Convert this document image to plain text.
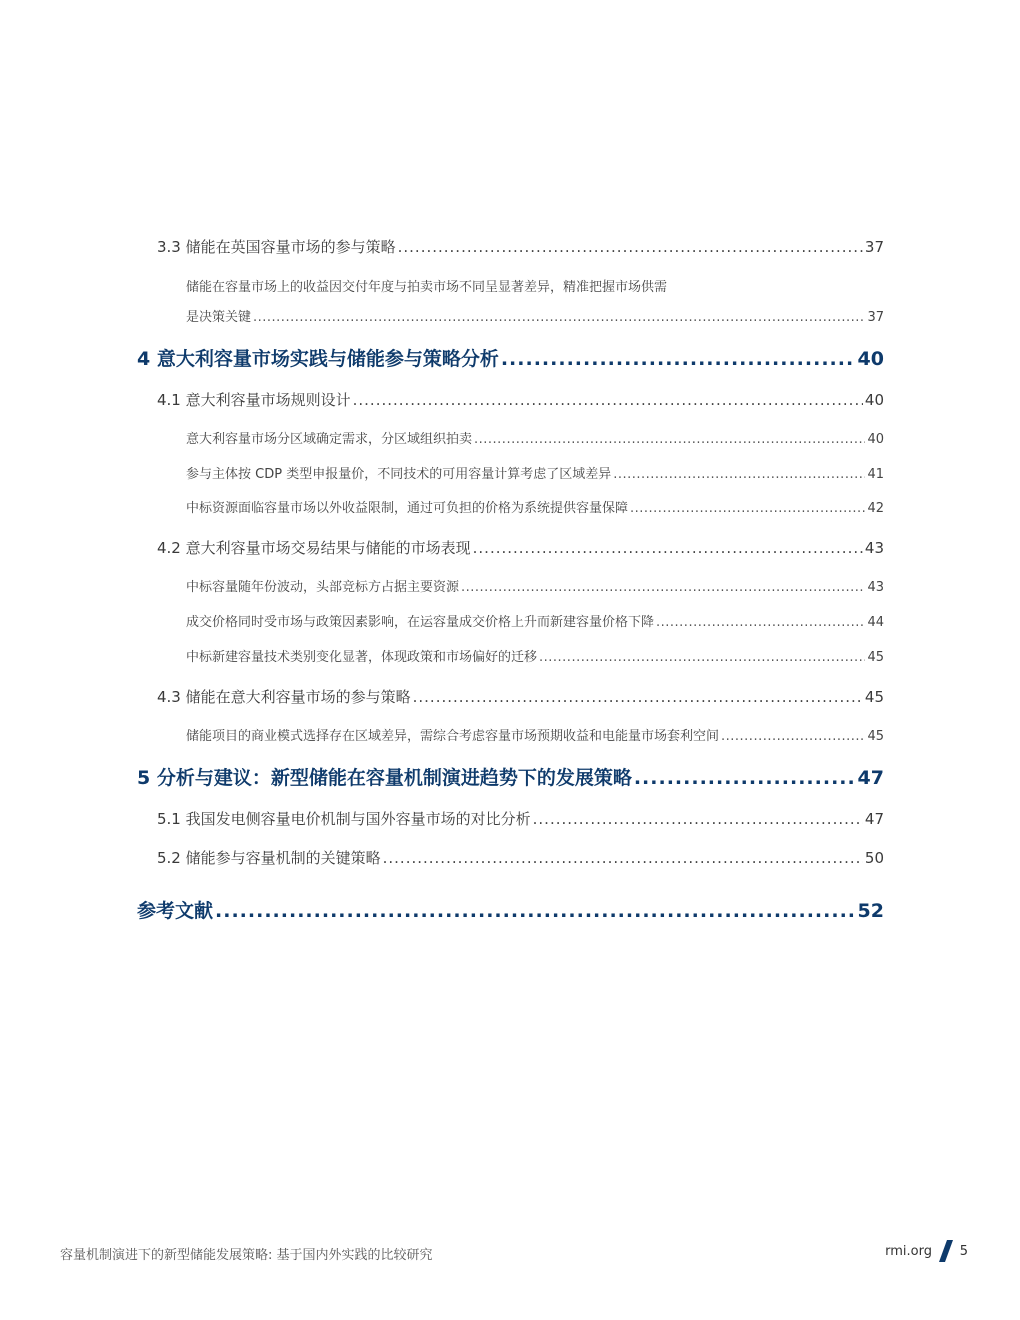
3.3 储能在英国容量市场的参与策略 .....	37
储能在容量市场上的收益因交付年度与拍卖市场不同呈显著差异，精准把握市场供需
是决策关键 .....	37
4 意大利容量市场实践与储能参与策略分析 .....	40
4.1 意大利容量市场规则设计 .....	40
意大利容量市场分区域确定需求，分区域组织拍卖 .....	40
参与主体按 CDP 类型申报量价，不同技术的可用容量计算考虑了区域差异 .....	41
中标资源面临容量市场以外收益限制，通过可负担的价格为系统提供容量保障 .....	42
4.2 意大利容量市场交易结果与储能的市场表现 .....	43
中标容量随年份波动，头部竞标方占据主要资源 .....	43
成交价格同时受市场与政策因素影响，在运容量成交价格上升而新建容量价格下降 .....	44
中标新建容量技术类别变化显著，体现政策和市场偏好的迁移 .....	45
4.3 储能在意大利容量市场的参与策略 .....	45
储能项目的商业模式选择存在区域差异，需综合考虑容量市场预期收益和电能量市场套利空间 .....	45
5 分析与建议：新型储能在容量机制演进趋势下的发展策略 .....	47
5.1 我国发电侧容量电价机制与国外容量市场的对比分析 .....	47
5.2 储能参与容量机制的关键策略 .....	50
参考文献 .....	52
容量机制演进下的新型储能发展策略: 基于国内外实践的比较研究	rmi.org 5
